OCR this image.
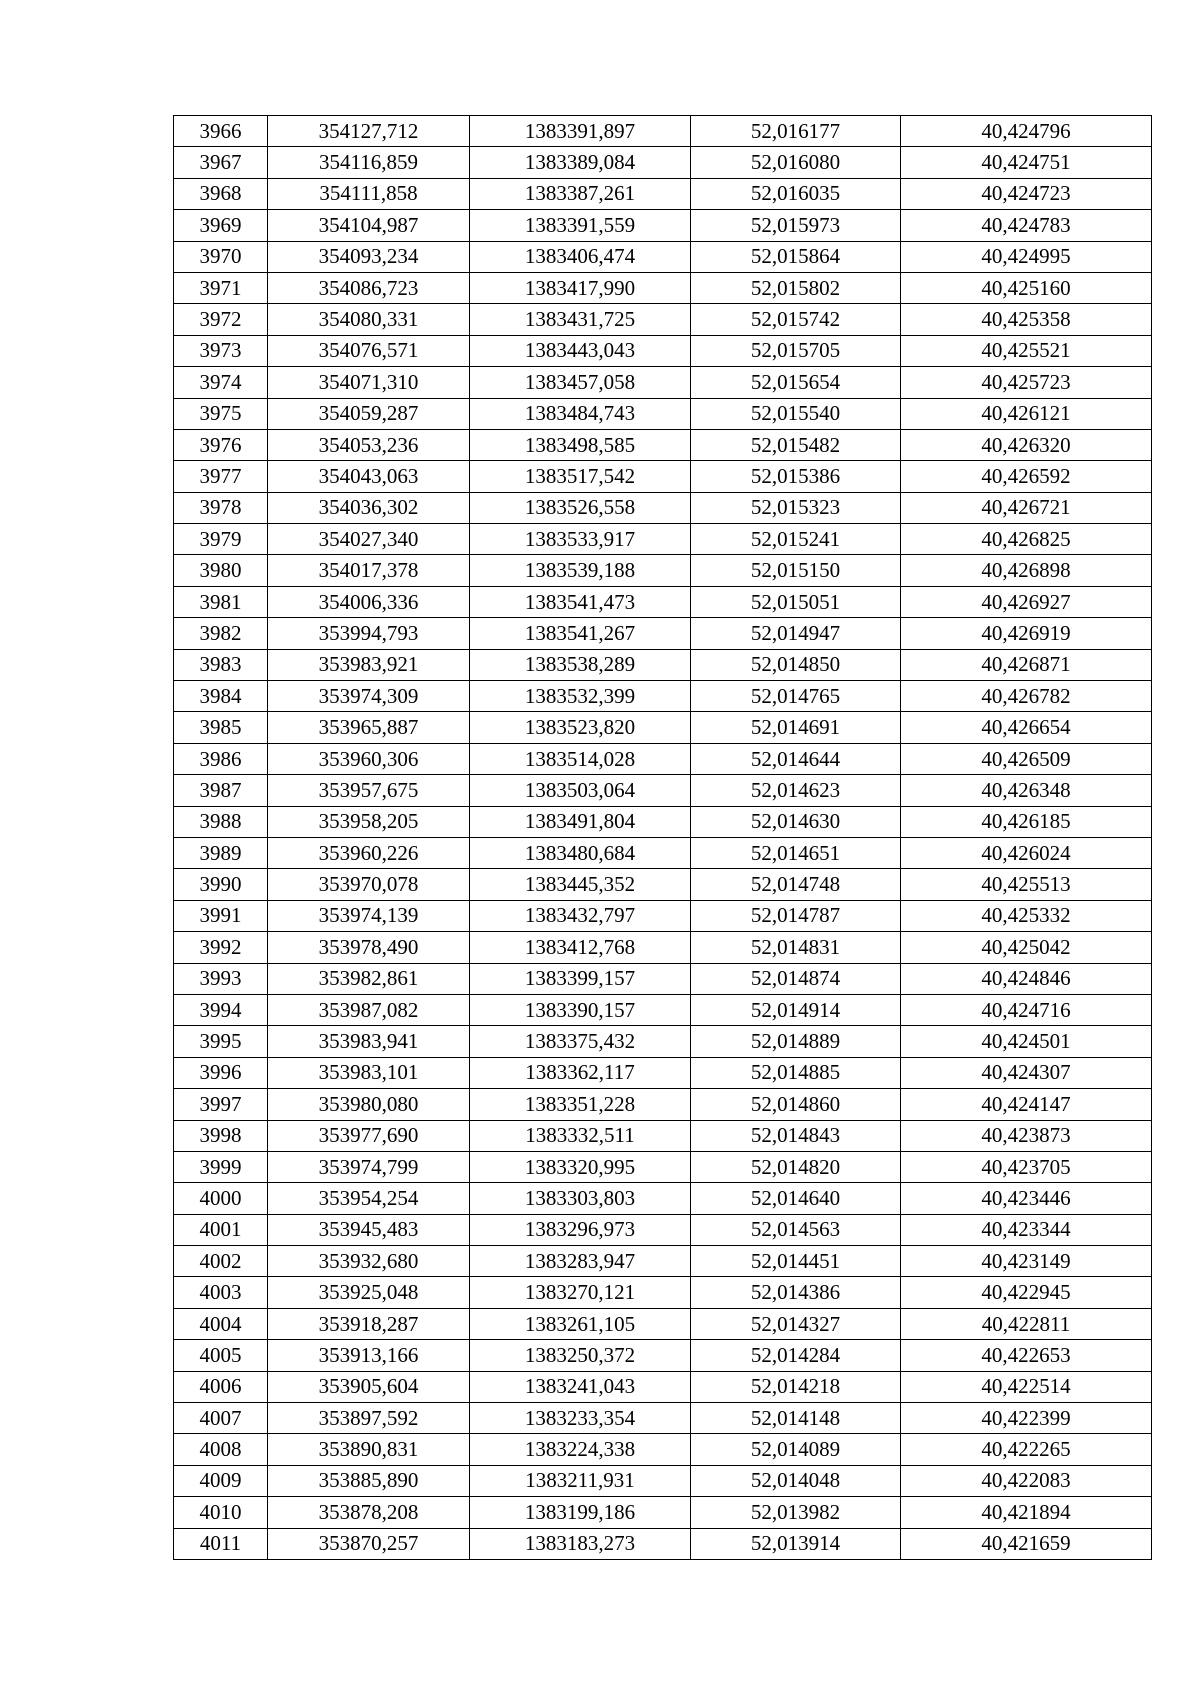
3966	354127,712	1383391,897	52,016177	40,424796
3967	354116,859	1383389,084	52,016080	40,424751
3968	354111,858	1383387,261	52,016035	40,424723
3969	354104,987	1383391,559	52,015973	40,424783
3970	354093,234	1383406,474	52,015864	40,424995
3971	354086,723	1383417,990	52,015802	40,425160
3972	354080,331	1383431,725	52,015742	40,425358
3973	354076,571	1383443,043	52,015705	40,425521
3974	354071,310	1383457,058	52,015654	40,425723
3975	354059,287	1383484,743	52,015540	40,426121
3976	354053,236	1383498,585	52,015482	40,426320
3977	354043,063	1383517,542	52,015386	40,426592
3978	354036,302	1383526,558	52,015323	40,426721
3979	354027,340	1383533,917	52,015241	40,426825
3980	354017,378	1383539,188	52,015150	40,426898
3981	354006,336	1383541,473	52,015051	40,426927
3982	353994,793	1383541,267	52,014947	40,426919
3983	353983,921	1383538,289	52,014850	40,426871
3984	353974,309	1383532,399	52,014765	40,426782
3985	353965,887	1383523,820	52,014691	40,426654
3986	353960,306	1383514,028	52,014644	40,426509
3987	353957,675	1383503,064	52,014623	40,426348
3988	353958,205	1383491,804	52,014630	40,426185
3989	353960,226	1383480,684	52,014651	40,426024
3990	353970,078	1383445,352	52,014748	40,425513
3991	353974,139	1383432,797	52,014787	40,425332
3992	353978,490	1383412,768	52,014831	40,425042
3993	353982,861	1383399,157	52,014874	40,424846
3994	353987,082	1383390,157	52,014914	40,424716
3995	353983,941	1383375,432	52,014889	40,424501
3996	353983,101	1383362,117	52,014885	40,424307
3997	353980,080	1383351,228	52,014860	40,424147
3998	353977,690	1383332,511	52,014843	40,423873
3999	353974,799	1383320,995	52,014820	40,423705
4000	353954,254	1383303,803	52,014640	40,423446
4001	353945,483	1383296,973	52,014563	40,423344
4002	353932,680	1383283,947	52,014451	40,423149
4003	353925,048	1383270,121	52,014386	40,422945
4004	353918,287	1383261,105	52,014327	40,422811
4005	353913,166	1383250,372	52,014284	40,422653
4006	353905,604	1383241,043	52,014218	40,422514
4007	353897,592	1383233,354	52,014148	40,422399
4008	353890,831	1383224,338	52,014089	40,422265
4009	353885,890	1383211,931	52,014048	40,422083
4010	353878,208	1383199,186	52,013982	40,421894
4011	353870,257	1383183,273	52,013914	40,421659
